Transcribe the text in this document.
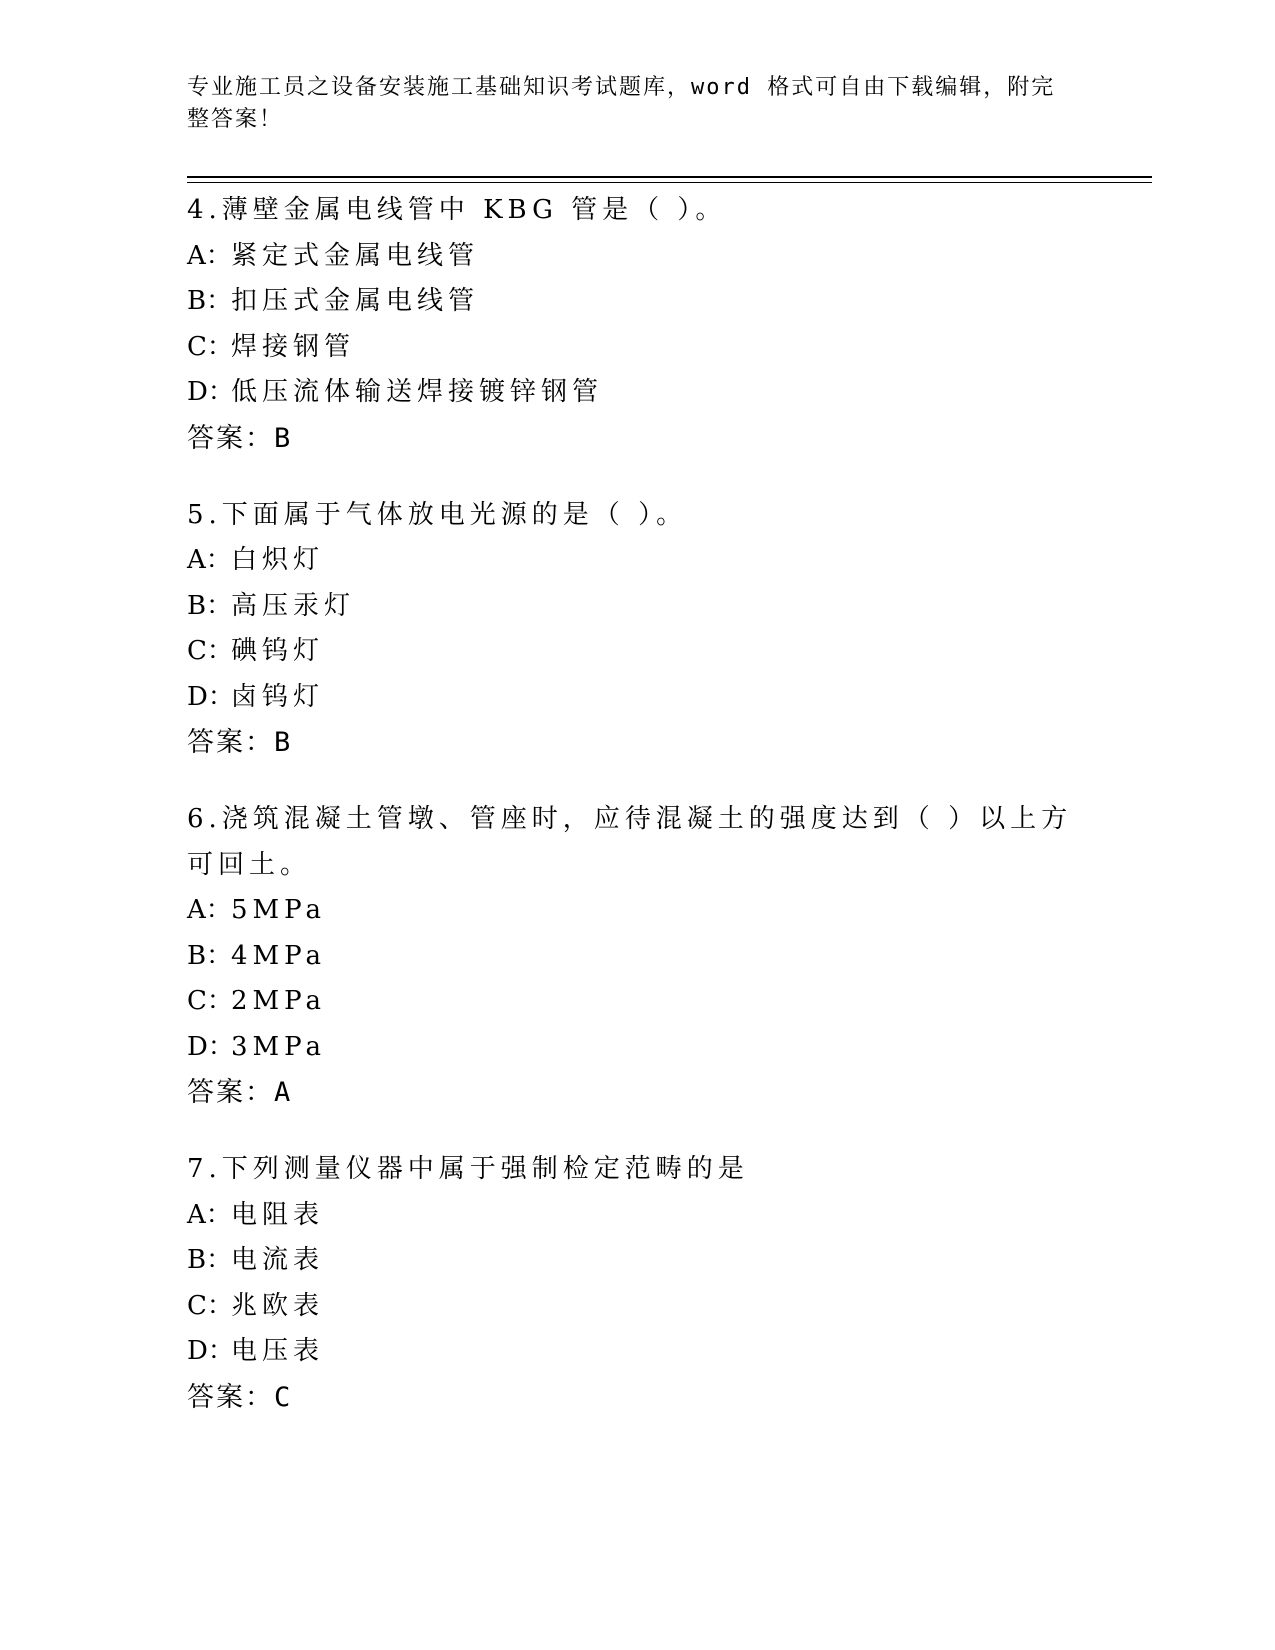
专业施工员之设备安装施工基础知识考试题库，word 格式可自由下载编辑，附完
整答案！
4.薄壁金属电线管中 KBG 管是（ ）。
A：紧定式金属电线管
B：扣压式金属电线管
C：焊接钢管
D：低压流体输送焊接镀锌钢管
答案：B
5.下面属于气体放电光源的是（ ）。
A：白炽灯
B：高压汞灯
C：碘钨灯
D：卤钨灯
答案：B
6.浇筑混凝土管墩、管座时，应待混凝土的强度达到（ ）以上方可回土。
A：5MPa
B：4MPa
C：2MPa
D：3MPa
答案：A
7.下列测量仪器中属于强制检定范畴的是
A：电阻表
B：电流表
C：兆欧表
D：电压表
答案：C
